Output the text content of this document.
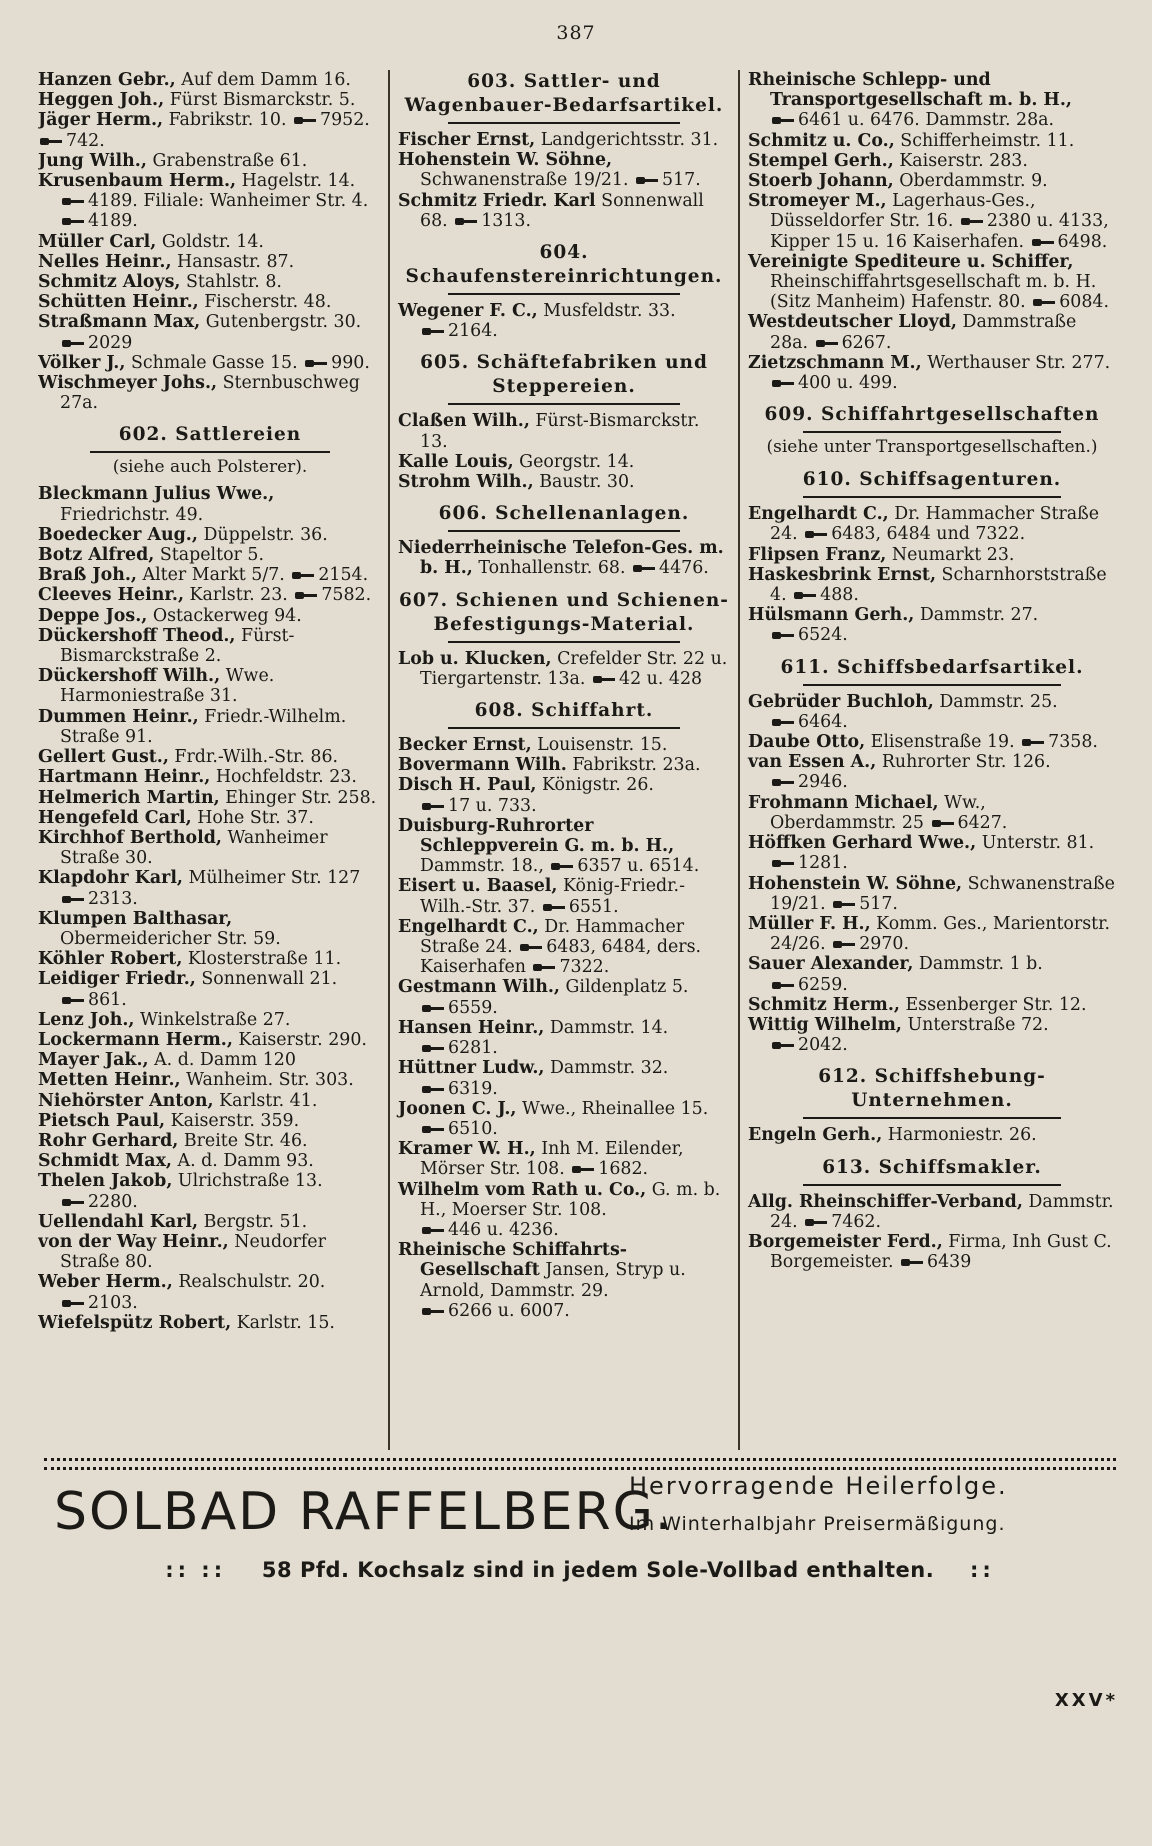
387

Hanzen Gebr., Auf dem Damm 16.

Heggen Joh., Fürst Bismarckstr. 5.

Jäger Herm., Fabrikstr. 10. 7952.

742.

Jung Wilh., Grabenstraße 61.

Krusenbaum Herm., Hagelstr. 14. 4189. Filiale: Wanheimer Str. 4. 4189.

Müller Carl, Goldstr. 14.

Nelles Heinr., Hansastr. 87.

Schmitz Aloys, Stahlstr. 8.

Schütten Heinr., Fischerstr. 48.

Straßmann Max, Gutenbergstr. 30. 2029

Völker J., Schmale Gasse 15. 990.

Wischmeyer Johs., Sternbuschweg 27a.

602. Sattlereien
(siehe auch Polsterer).

Bleckmann Julius Wwe., Friedrichstr. 49.

Boedecker Aug., Düppelstr. 36.

Botz Alfred, Stapeltor 5.

Braß Joh., Alter Markt 5/7. 2154.

Cleeves Heinr., Karlstr. 23. 7582.

Deppe Jos., Ostackerweg 94.

Dückershoff Theod., Fürst-Bismarckstraße 2.

Dückershoff Wilh., Wwe. Harmoniestraße 31.

Dummen Heinr., Friedr.-Wilhelm. Straße 91.

Gellert Gust., Frdr.-Wilh.-Str. 86.

Hartmann Heinr., Hochfeldstr. 23.

Helmerich Martin, Ehinger Str. 258.

Hengefeld Carl, Hohe Str. 37.

Kirchhof Berthold, Wanheimer Straße 30.

Klapdohr Karl, Mülheimer Str. 127 2313.

Klumpen Balthasar, Obermeidericher Str. 59.

Köhler Robert, Klosterstraße 11.

Leidiger Friedr., Sonnenwall 21. 861.

Lenz Joh., Winkelstraße 27.

Lockermann Herm., Kaiserstr. 290.

Mayer Jak., A. d. Damm 120

Metten Heinr., Wanheim. Str. 303.

Niehörster Anton, Karlstr. 41.

Pietsch Paul, Kaiserstr. 359.

Rohr Gerhard, Breite Str. 46.

Schmidt Max, A. d. Damm 93.

Thelen Jakob, Ulrichstraße 13. 2280.

Uellendahl Karl, Bergstr. 51.

von der Way Heinr., Neudorfer Straße 80.

Weber Herm., Realschulstr. 20. 2103.

Wiefelspütz Robert, Karlstr. 15.

603. Sattler- und Wagenbauer-Bedarfsartikel.

Fischer Ernst, Landgerichtsstr. 31.

Hohenstein W. Söhne, Schwanenstraße 19/21. 517.

Schmitz Friedr. Karl Sonnenwall 68. 1313.

604. Schaufenstereinrichtungen.

Wegener F. C., Musfeldstr. 33. 2164.

605. Schäftefabriken und Steppereien.

Claßen Wilh., Fürst-Bismarckstr. 13.

Kalle Louis, Georgstr. 14.

Strohm Wilh., Baustr. 30.

606. Schellenanlagen.

Niederrheinische Telefon-Ges. m. b. H., Tonhallenstr. 68. 4476.

607. Schienen und Schienen-Befestigungs-Material.

Lob u. Klucken, Crefelder Str. 22 u. Tiergartenstr. 13a. 42 u. 428

608. Schiffahrt.

Becker Ernst, Louisenstr. 15.

Bovermann Wilh. Fabrikstr. 23a.

Disch H. Paul, Königstr. 26. 17 u. 733.

Duisburg-Ruhrorter Schleppverein G. m. b. H., Dammstr. 18., 6357 u. 6514.

Eisert u. Baasel, König-Friedr.-Wilh.-Str. 37. 6551.

Engelhardt C., Dr. Hammacher Straße 24. 6483, 6484, ders. Kaiserhafen 7322.

Gestmann Wilh., Gildenplatz 5. 6559.

Hansen Heinr., Dammstr. 14. 6281.

Hüttner Ludw., Dammstr. 32. 6319.

Joonen C. J., Wwe., Rheinallee 15. 6510.

Kramer W. H., Inh M. Eilender, Mörser Str. 108. 1682.

Wilhelm vom Rath u. Co., G. m. b. H., Moerser Str. 108. 446 u. 4236.

Rheinische Schiffahrts-Gesellschaft Jansen, Stryp u. Arnold, Dammstr. 29. 6266 u. 6007.

Rheinische Schlepp- und Transportgesellschaft m. b. H., 6461 u. 6476. Dammstr. 28a.

Schmitz u. Co., Schifferheimstr. 11.

Stempel Gerh., Kaiserstr. 283.

Stoerb Johann, Oberdammstr. 9.

Stromeyer M., Lagerhaus-Ges., Düsseldorfer Str. 16. 2380 u. 4133, Kipper 15 u. 16 Kaiserhafen. 6498.

Vereinigte Spediteure u. Schiffer, Rheinschiffahrtsgesellschaft m. b. H. (Sitz Manheim) Hafenstr. 80. 6084.

Westdeutscher Lloyd, Dammstraße 28a. 6267.

Zietzschmann M., Werthauser Str. 277. 400 u. 499.

609. Schiffahrtgesellschaften
(siehe unter Transportgesellschaften.)
610. Schiffsagenturen.

Engelhardt C., Dr. Hammacher Straße 24. 6483, 6484 und 7322.

Flipsen Franz, Neumarkt 23.

Haskesbrink Ernst, Scharnhorststraße 4. 488.

Hülsmann Gerh., Dammstr. 27. 6524.

611. Schiffsbedarfsartikel.

Gebrüder Buchloh, Dammstr. 25. 6464.

Daube Otto, Elisenstraße 19. 7358.

van Essen A., Ruhrorter Str. 126. 2946.

Frohmann Michael, Ww., Oberdammstr. 25 6427.

Höffken Gerhard Wwe., Unterstr. 81. 1281.

Hohenstein W. Söhne, Schwanenstraße 19/21. 517.

Müller F. H., Komm. Ges., Marientorstr. 24/26. 2970.

Sauer Alexander, Dammstr. 1 b. 6259.

Schmitz Herm., Essenberger Str. 12.

Wittig Wilhelm, Unterstraße 72. 2042.

612. Schiffshebung-Unternehmen.

Engeln Gerh., Harmoniestr. 26.

613. Schiffsmakler.

Allg. Rheinschiffer-Verband, Dammstr. 24. 7462.

Borgemeister Ferd., Firma, Inh Gust C. Borgemeister. 6439

SOLBAD RAFFELBERG.
Hervorragende Heilerfolge.
Im Winterhalbjahr Preisermäßigung.
:: :: 58 Pfd. Kochsalz sind in jedem Sole-Vollbad enthalten. ::
XXV*
